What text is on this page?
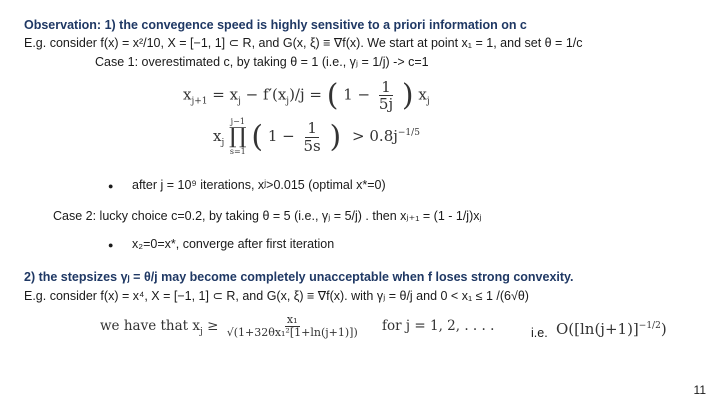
Observation: 1) the convegence speed is highly sensitive to a priori information on c
E.g. consider f(x) = x²/10, X = [−1, 1] ⊂ R, and G(x, ξ) ≡ ∇f(x). We start at point x₁ = 1, and set θ = 1/c
Case 1: overestimated c, by taking θ = 1 (i.e., γⱼ = 1/j) -> c=1
$x_{j+1} = x_j - f'(x_j)/j$ = ( $1 - \frac{1}{5j}$ ) $x_j$
$x_j$
j−1
∏
s=1 ( $1 - \frac{1}{5s}$ ) > $0.8j^{-1/5}$
● after j = 10⁹ iterations, xʲ>0.015 (optimal x*=0)
Case 2: lucky choice c=0.2, by taking θ = 5 (i.e., γⱼ = 5/j) . then xⱼ₊₁ = (1 - 1/j)xⱼ
● x₂=0=x*, converge after first iteration
2) the stepsizes γⱼ = θ/j may become completely unacceptable when f loses strong convexity.
E.g. consider f(x) = x⁴, X = [−1, 1] ⊂ R, and G(x, ξ) ≡ ∇f(x). with γⱼ = θ/j and 0 < x₁ ≤ 1 /(6√θ)
we have that $x_j \ge \frac{\text{x₁}}{\text{√(1+32θx₁²[1+ln(j+1)])}}$ for j = 1, 2, . . . .	i.e. $O([\ln(j+1)]^{-1/2})$
11
